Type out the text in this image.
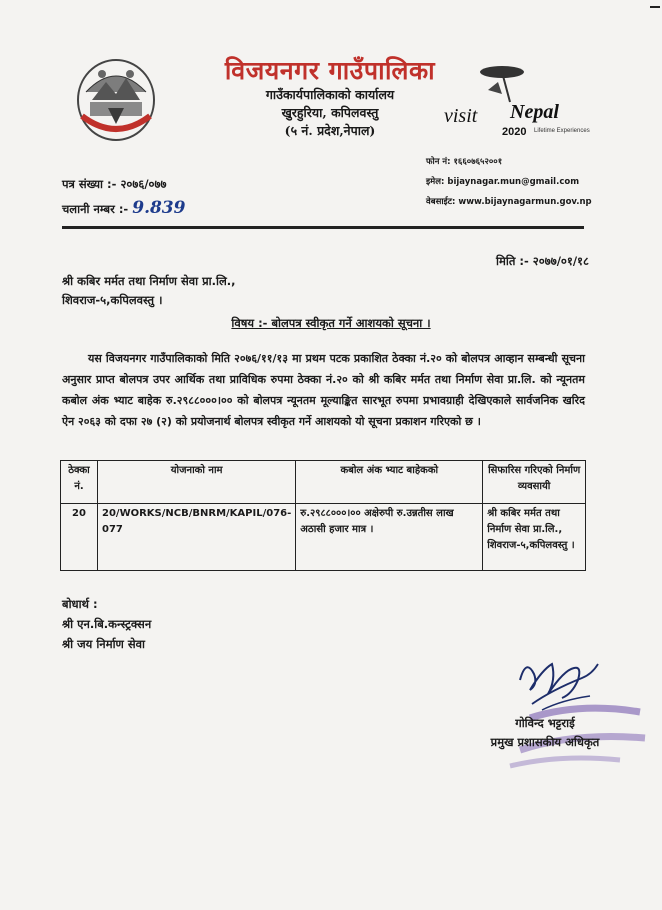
विजयनगर गाउँपालिका
गाउँकार्यपालिकाको कार्यालय
खुरहुरिया, कपिलवस्तु
(५ नं. प्रदेश,नेपाल)
visit Nepal
2020 Lifetime Experiences
फोन नं: १६६०७६५२००१
इमेल: bijaynagar.mun@gmail.com
वेबसाईट: www.bijaynagarmun.gov.np
पत्र संख्या :- २०७६/०७७
चलानी नम्बर :- 9.839
मिति :- २०७७/०१/१८
श्री कबिर मर्मत तथा निर्माण सेवा प्रा.लि.,
शिवराज-५,कपिलवस्तु ।
विषय :- बोलपत्र स्वीकृत गर्ने आशयको सूचना ।
यस विजयनगर गाउँपालिकाको मिति २०७६/११/१३ मा प्रथम पटक प्रकाशित ठेक्का नं.२० को बोलपत्र आव्हान सम्बन्धी सूचना अनुसार प्राप्त बोलपत्र उपर आर्थिक तथा प्राविधिक रुपमा ठेक्का नं.२० को श्री कबिर मर्मत तथा निर्माण सेवा प्रा.लि. को न्यूनतम कबोल अंक भ्याट बाहेक रु.२९८८०००।०० को बोलपत्र न्यूनतम मूल्याङ्कित सारभूत रुपमा प्रभावग्राही देखिएकाले सार्वजनिक खरिद ऐन २०६३ को दफा २७ (२) को प्रयोजनार्थ बोलपत्र स्वीकृत गर्ने आशयको यो सूचना प्रकाशन गरिएको छ ।
ठेक्का नं.	योजनाको नाम	कबोल अंक भ्याट बाहेकको	सिफारिस गरिएको निर्माण व्यवसायी
20	20/WORKS/NCB/BNRM/KAPIL/076-077	रु.२९८८०००।०० अक्षेरुपी रु.उन्नतीस लाख अठासी हजार मात्र ।	श्री कबिर मर्मत तथा निर्माण सेवा प्रा.लि., शिवराज-५,कपिलवस्तु ।
बोधार्थ :
श्री एन.बि.कन्स्ट्रक्सन
श्री जय निर्माण सेवा
गोविन्द भट्टराई
प्रमुख प्रशासकीय अधिकृत
